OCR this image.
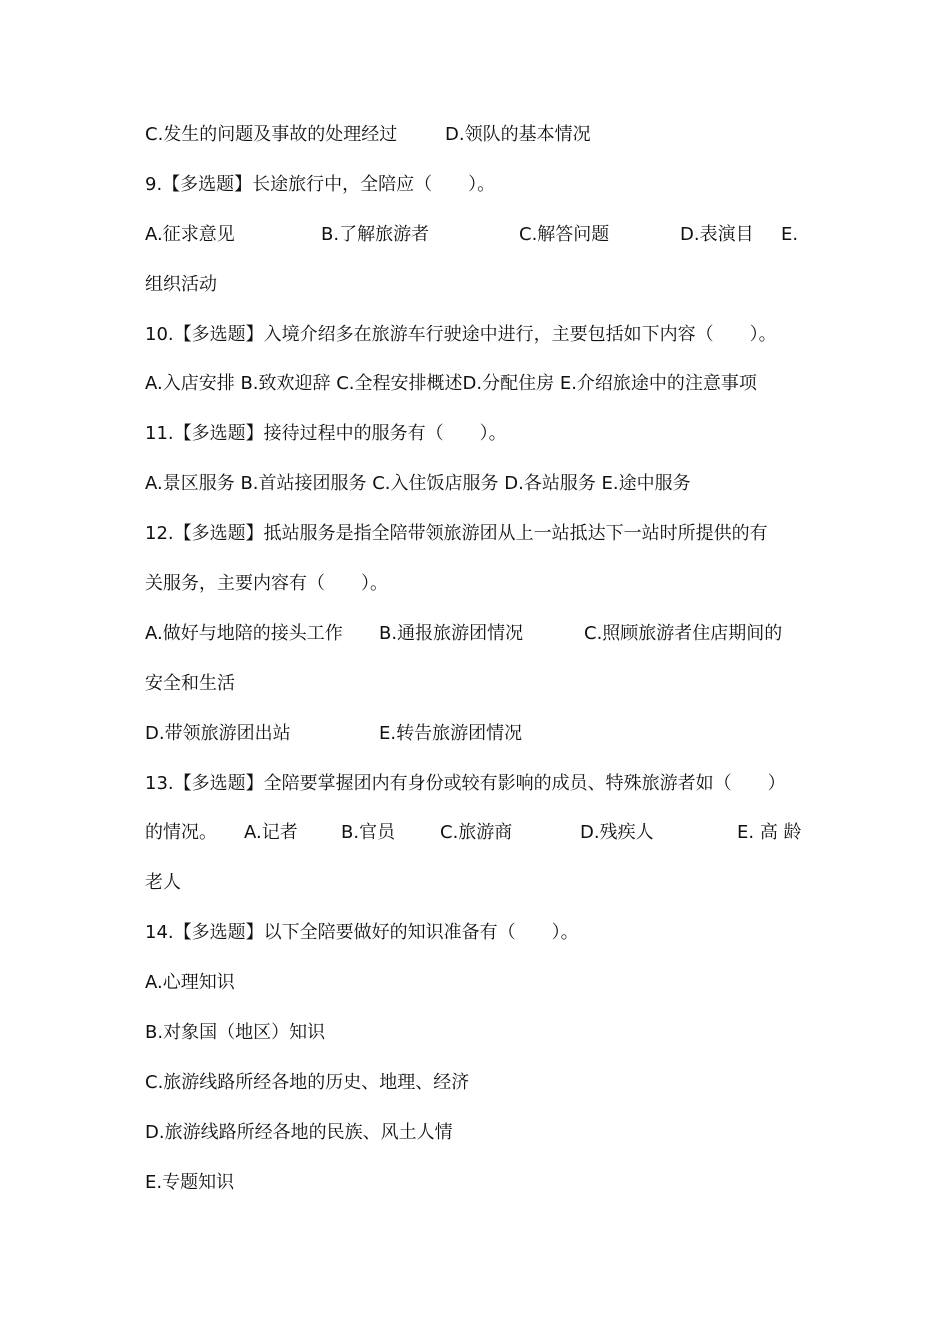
C.发生的问题及事故的处理经过	D.领队的基本情况
9.【多选题】长途旅行中，全陪应（　　）。
A.征求意见	B.了解旅游者	C.解答问题	D.表演目 E.
组织活动
10.【多选题】入境介绍多在旅游车行驶途中进行，主要包括如下内容（　　）。
A.入店安排 B.致欢迎辞 C.全程安排概述D.分配住房 E.介绍旅途中的注意事项
11.【多选题】接待过程中的服务有（　　）。
A.景区服务 B.首站接团服务 C.入住饭店服务 D.各站服务 E.途中服务
12.【多选题】抵站服务是指全陪带领旅游团从上一站抵达下一站时所提供的有
关服务，主要内容有（　　）。
A.做好与地陪的接头工作 B.通报旅游团情况	C.照顾旅游者住店期间的
安全和生活
D.带领旅游团出站	E.转告旅游团情况
13.【多选题】全陪要掌握团内有身份或较有影响的成员、特殊旅游者如（　　）
的情况。 A.记者 B.官员 C.旅游商	D.残疾人	E. 高 龄
老人
14.【多选题】以下全陪要做好的知识准备有（　　）。
A.心理知识
B.对象国（地区）知识
C.旅游线路所经各地的历史、地理、经济
D.旅游线路所经各地的民族、风土人情
E.专题知识
